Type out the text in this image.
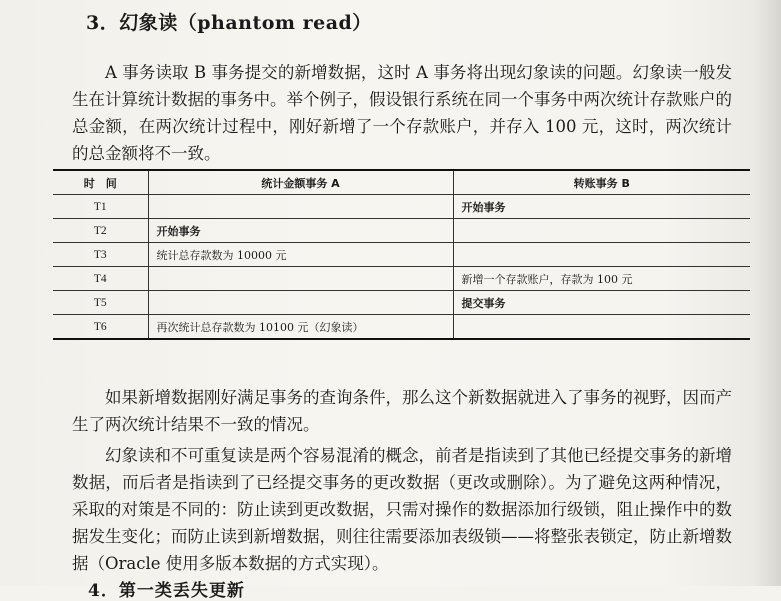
3．幻象读（phantom read）

A 事务读取 B 事务提交的新增数据，这时 A 事务将出现幻象读的问题。幻象读一般发生在计算统计数据的事务中。举个例子，假设银行系统在同一个事务中两次统计存款账户的总金额，在两次统计过程中，刚好新增了一个存款账户，并存入 100 元，这时，两次统计的总金额将不一致。

时　间	统计金额事务 A	转账事务 B
T1		开始事务
T2	开始事务	
T3	统计总存款数为 10000 元	
T4		新增一个存款账户，存款为 100 元
T5		提交事务
T6	再次统计总存款数为 10100 元（幻象读）	

如果新增数据刚好满足事务的查询条件，那么这个新数据就进入了事务的视野，因而产生了两次统计结果不一致的情况。

幻象读和不可重复读是两个容易混淆的概念，前者是指读到了其他已经提交事务的新增数据，而后者是指读到了已经提交事务的更改数据（更改或删除）。为了避免这两种情况，采取的对策是不同的：防止读到更改数据，只需对操作的数据添加行级锁，阻止操作中的数据发生变化；而防止读到新增数据，则往往需要添加表级锁——将整张表锁定，防止新增数据（Oracle 使用多版本数据的方式实现）。

4．第一类丢失更新
